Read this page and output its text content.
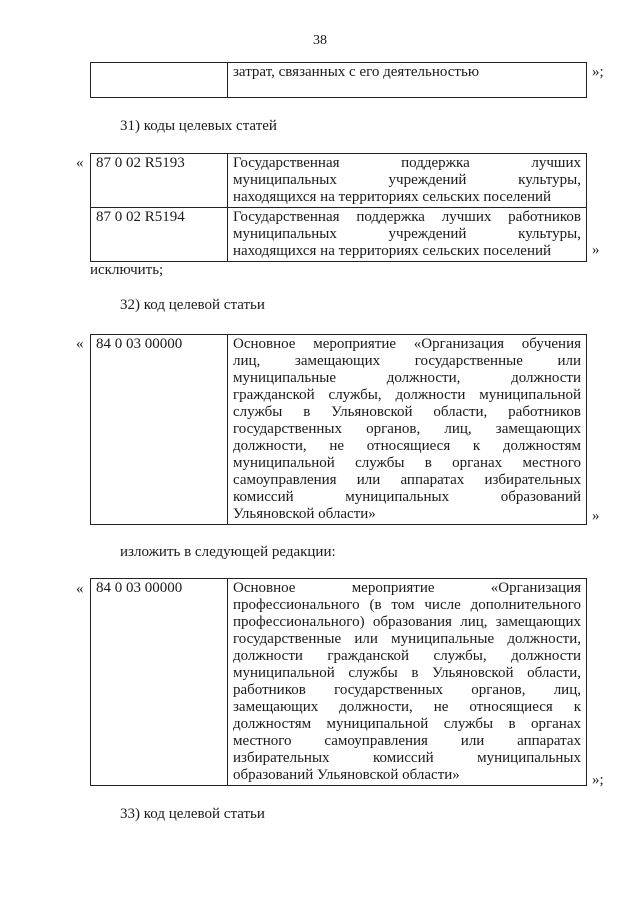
38

затрат, связанных с его деятельностью	»;
31) коды целевых статей
« 87 0 02 R5193	Государственная поддержка лучших
муниципальных учреждений культуры,
находящихся на территориях сельских поселений

87 0 02 R5194	Государственная поддержка лучших работников
муниципальных учреждений культуры,
находящихся на территориях сельских поселений	»
исключить;
32) код целевой статьи
« 84 0 03 00000	Основное мероприятие «Организация обучения
лиц, замещающих государственные или
муниципальные должности, должности
гражданской службы, должности муниципальной
службы в Ульяновской области, работников
государственных органов, лиц, замещающих
должности, не относящиеся к должностям
муниципальной службы в органах местного
самоуправления или аппаратах избирательных
комиссий муниципальных образований
Ульяновской области»	»
изложить в следующей редакции:
« 84 0 03 00000	Основное мероприятие «Организация
профессионального (в том числе дополнительного
профессионального) образования лиц, замещающих
государственные или муниципальные должности,
должности гражданской службы, должности
муниципальной службы в Ульяновской области,
работников государственных органов, лиц,
замещающих должности, не относящиеся к
должностям муниципальной службы в органах
местного самоуправления или аппаратах
избирательных комиссий муниципальных
образований Ульяновской области»	»;
33) код целевой статьи
